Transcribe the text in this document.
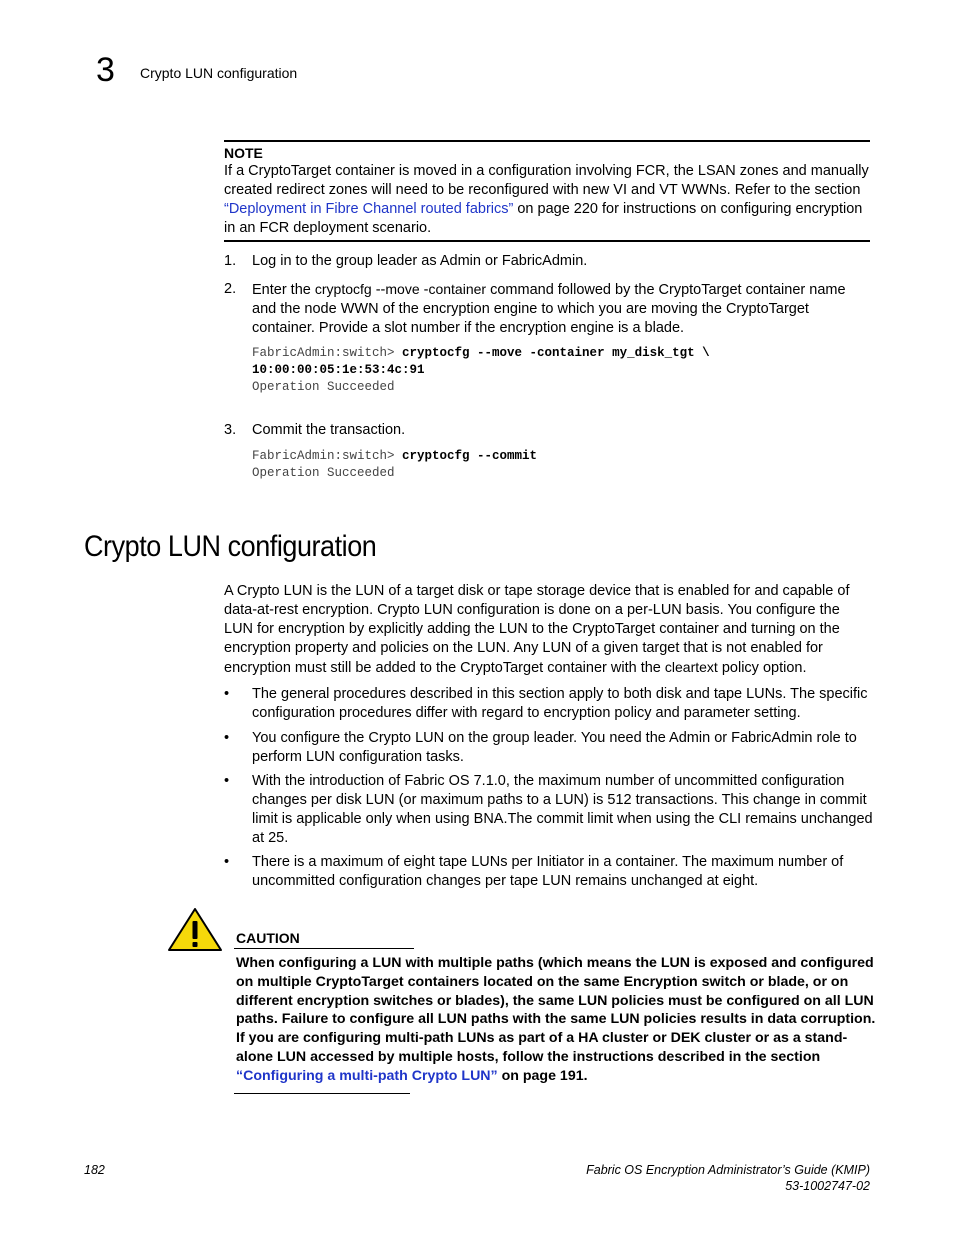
3 Crypto LUN configuration
NOTE
If a CryptoTarget container is moved in a configuration involving FCR, the LSAN zones and manually created redirect zones will need to be reconfigured with new VI and VT WWNs. Refer to the section “Deployment in Fibre Channel routed fabrics” on page 220 for instructions on configuring encryption in an FCR deployment scenario.
1. Log in to the group leader as Admin or FabricAdmin.
2. Enter the cryptocfg --move -container command followed by the CryptoTarget container name and the node WWN of the encryption engine to which you are moving the CryptoTarget container. Provide a slot number if the encryption engine is a blade.
FabricAdmin:switch> cryptocfg --move -container my_disk_tgt \
10:00:00:05:1e:53:4c:91
Operation Succeeded
3. Commit the transaction.
FabricAdmin:switch> cryptocfg --commit
Operation Succeeded
Crypto LUN configuration
A Crypto LUN is the LUN of a target disk or tape storage device that is enabled for and capable of data-at-rest encryption. Crypto LUN configuration is done on a per-LUN basis. You configure the LUN for encryption by explicitly adding the LUN to the CryptoTarget container and turning on the encryption property and policies on the LUN. Any LUN of a given target that is not enabled for encryption must still be added to the CryptoTarget container with the cleartext policy option.
• The general procedures described in this section apply to both disk and tape LUNs. The specific configuration procedures differ with regard to encryption policy and parameter setting.
• You configure the Crypto LUN on the group leader. You need the Admin or FabricAdmin role to perform LUN configuration tasks.
• With the introduction of Fabric OS 7.1.0, the maximum number of uncommitted configuration changes per disk LUN (or maximum paths to a LUN) is 512 transactions. This change in commit limit is applicable only when using BNA.The commit limit when using the CLI remains unchanged at 25.
• There is a maximum of eight tape LUNs per Initiator in a container. The maximum number of uncommitted configuration changes per tape LUN remains unchanged at eight.
CAUTION
When configuring a LUN with multiple paths (which means the LUN is exposed and configured on multiple CryptoTarget containers located on the same Encryption switch or blade, or on different encryption switches or blades), the same LUN policies must be configured on all LUN paths. Failure to configure all LUN paths with the same LUN policies results in data corruption. If you are configuring multi-path LUNs as part of a HA cluster or DEK cluster or as a stand-alone LUN accessed by multiple hosts, follow the instructions described in the section “Configuring a multi-path Crypto LUN” on page 191.
182	Fabric OS Encryption Administrator’s Guide (KMIP)
53-1002747-02
